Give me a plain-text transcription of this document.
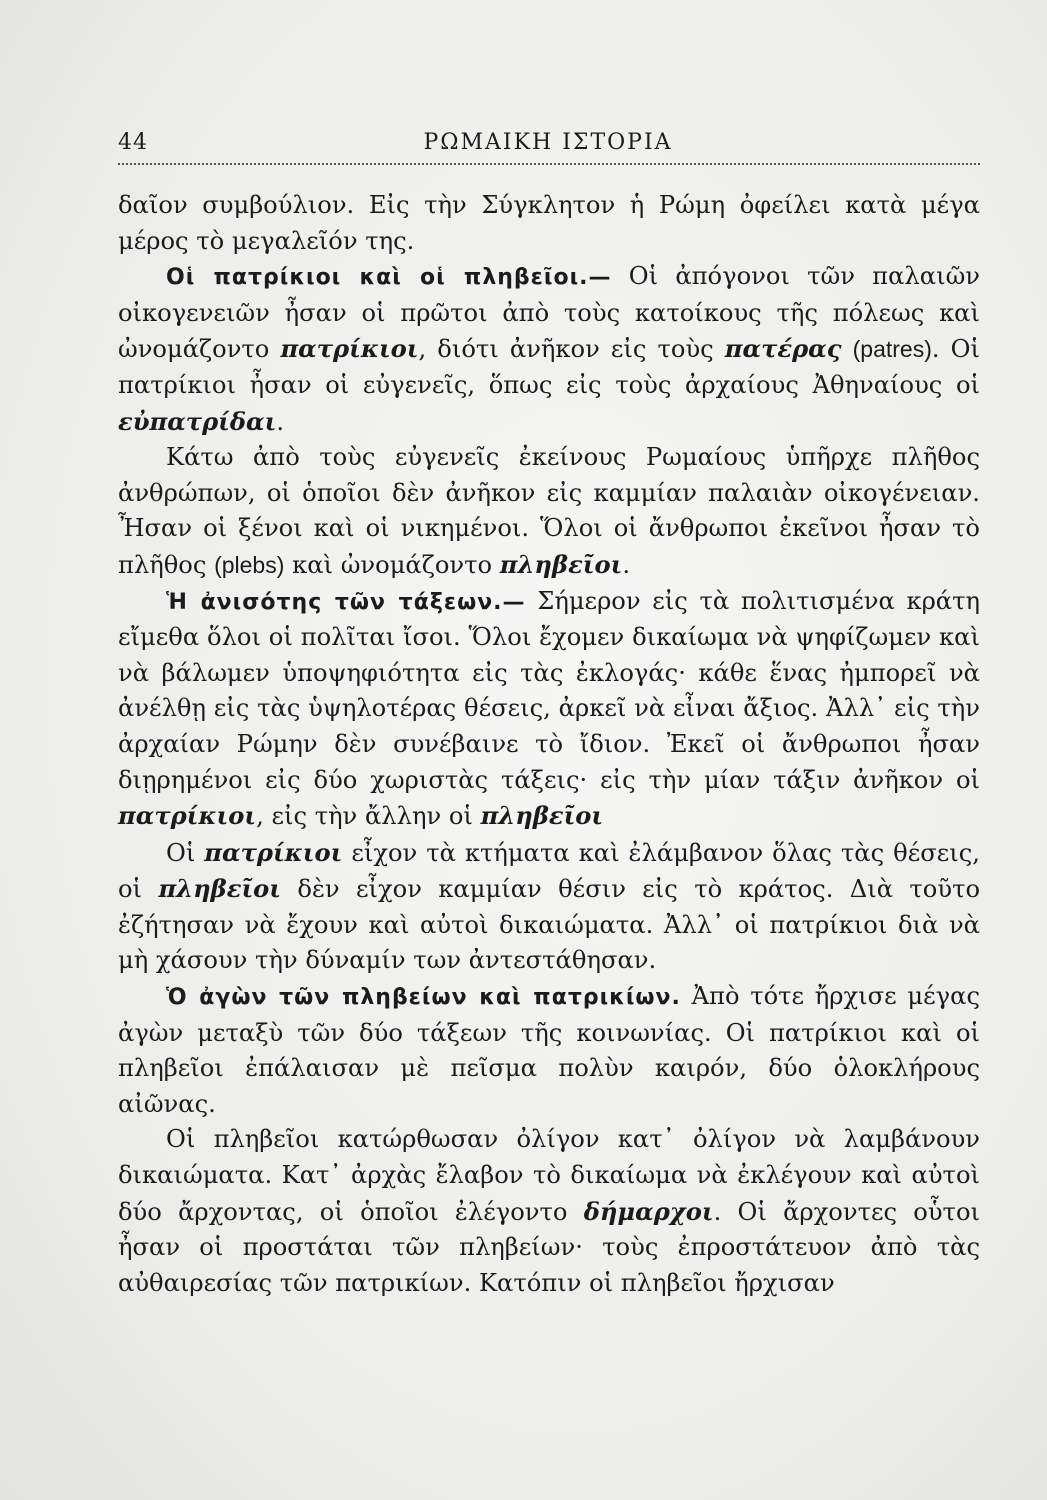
44	ΡΩΜΑΙΚΗ ΙΣΤΟΡΙΑ

δαῖον συμβούλιον. Εἰς τὴν Σύγκλητον ἡ Ρώμη ὀφείλει κατὰ μέγα μέρος τὸ μεγαλεῖόν της.

Οἱ πατρίκιοι καὶ οἱ πληβεῖοι.— Οἱ ἀπόγονοι τῶν παλαιῶν οἰκογενειῶν ἦσαν οἱ πρῶτοι ἀπὸ τοὺς κατοίκους τῆς πόλεως καὶ ὠνομάζοντο πατρίκιοι, διότι ἀνῆκον εἰς τοὺς πατέρας (patres). Οἱ πατρίκιοι ἦσαν οἱ εὐγενεῖς, ὅπως εἰς τοὺς ἀρχαίους Ἀθηναίους οἱ εὐπατρίδαι.

Κάτω ἀπὸ τοὺς εὐγενεῖς ἐκείνους Ρωμαίους ὑπῆρχε πλῆθος ἀνθρώπων, οἱ ὁποῖοι δὲν ἀνῆκον εἰς καμμίαν παλαιὰν οἰκογένειαν. Ἦσαν οἱ ξένοι καὶ οἱ νικημένοι. Ὅλοι οἱ ἄνθρωποι ἐκεῖνοι ἦσαν τὸ πλῆθος (plebs) καὶ ὠνομάζοντο πληβεῖοι.

Ἡ ἀνισότης τῶν τάξεων.— Σήμερον εἰς τὰ πολιτισμένα κράτη εἴμεθα ὅλοι οἱ πολῖται ἴσοι. Ὅλοι ἔχομεν δικαίωμα νὰ ψηφίζωμεν καὶ νὰ βάλωμεν ὑποψηφιότητα εἰς τὰς ἐκλογάς· κάθε ἕνας ἠμπορεῖ νὰ ἀνέλθῃ εἰς τὰς ὑψηλοτέρας θέσεις, ἀρκεῖ νὰ εἶναι ἄξιος. Ἀλλ᾿ εἰς τὴν ἀρχαίαν Ρώμην δὲν συνέβαινε τὸ ἴδιον. Ἐκεῖ οἱ ἄνθρωποι ἦσαν διῃρημένοι εἰς δύο χωριστὰς τάξεις· εἰς τὴν μίαν τάξιν ἀνῆκον οἱ πατρίκιοι, εἰς τὴν ἄλλην οἱ πληβεῖοι

Οἱ πατρίκιοι εἶχον τὰ κτήματα καὶ ἐλάμβανον ὅλας τὰς θέσεις, οἱ πληβεῖοι δὲν εἶχον καμμίαν θέσιν εἰς τὸ κράτος. Διὰ τοῦτο ἐζήτησαν νὰ ἔχουν καὶ αὐτοὶ δικαιώματα. Ἀλλ᾿ οἱ πατρίκιοι διὰ νὰ μὴ χάσουν τὴν δύναμίν των ἀντεστάθησαν.

Ὁ ἀγὼν τῶν πληβείων καὶ πατρικίων. Ἀπὸ τότε ἤρχισε μέγας ἀγὼν μεταξὺ τῶν δύο τάξεων τῆς κοινωνίας. Οἱ πατρίκιοι καὶ οἱ πληβεῖοι ἐπάλαισαν μὲ πεῖσμα πολὺν καιρόν, δύο ὁλοκλήρους αἰῶνας.

Οἱ πληβεῖοι κατώρθωσαν ὀλίγον κατ᾿ ὀλίγον νὰ λαμβάνουν δικαιώματα. Κατ᾿ ἀρχὰς ἔλαβον τὸ δικαίωμα νὰ ἐκλέγουν καὶ αὐτοὶ δύο ἄρχοντας, οἱ ὁποῖοι ἐλέγοντο δήμαρχοι. Οἱ ἄρχοντες οὗτοι ἦσαν οἱ προστάται τῶν πληβείων· τοὺς ἐπροστάτευον ἀπὸ τὰς αὐθαιρεσίας τῶν πατρικίων. Κατόπιν οἱ πληβεῖοι ἤρχισαν
